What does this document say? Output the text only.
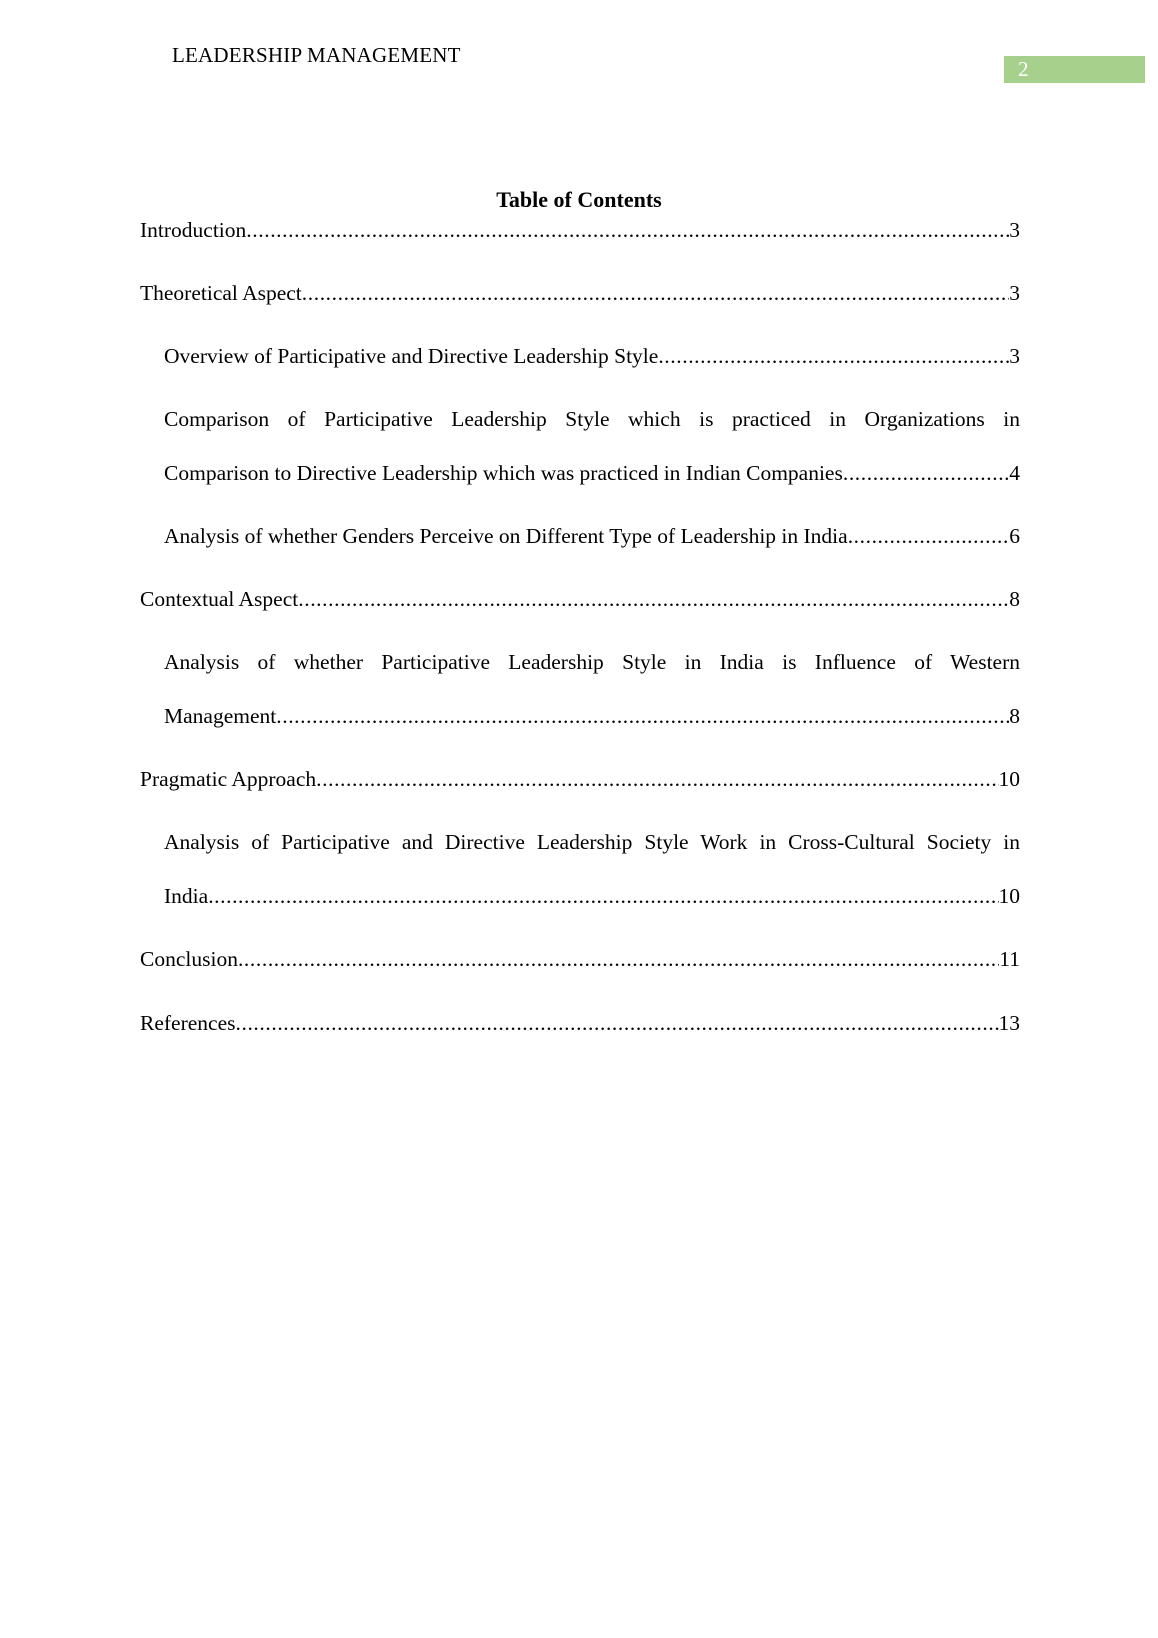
LEADERSHIP MANAGEMENT
2
Table of Contents
Introduction .....	3
Theoretical Aspect .....	3
Overview of Participative and Directive Leadership Style .....	3
Comparison of Participative Leadership Style which is practiced in Organizations in
Comparison to Directive Leadership which was practiced in Indian Companies .....	4
Analysis of whether Genders Perceive on Different Type of Leadership in India .....	6
Contextual Aspect .....	8
Analysis of whether Participative Leadership Style in India is Influence of Western
Management .....	8
Pragmatic Approach .....	10
Analysis of Participative and Directive Leadership Style Work in Cross-Cultural Society in
India .....	10
Conclusion .....	11
References .....	13
